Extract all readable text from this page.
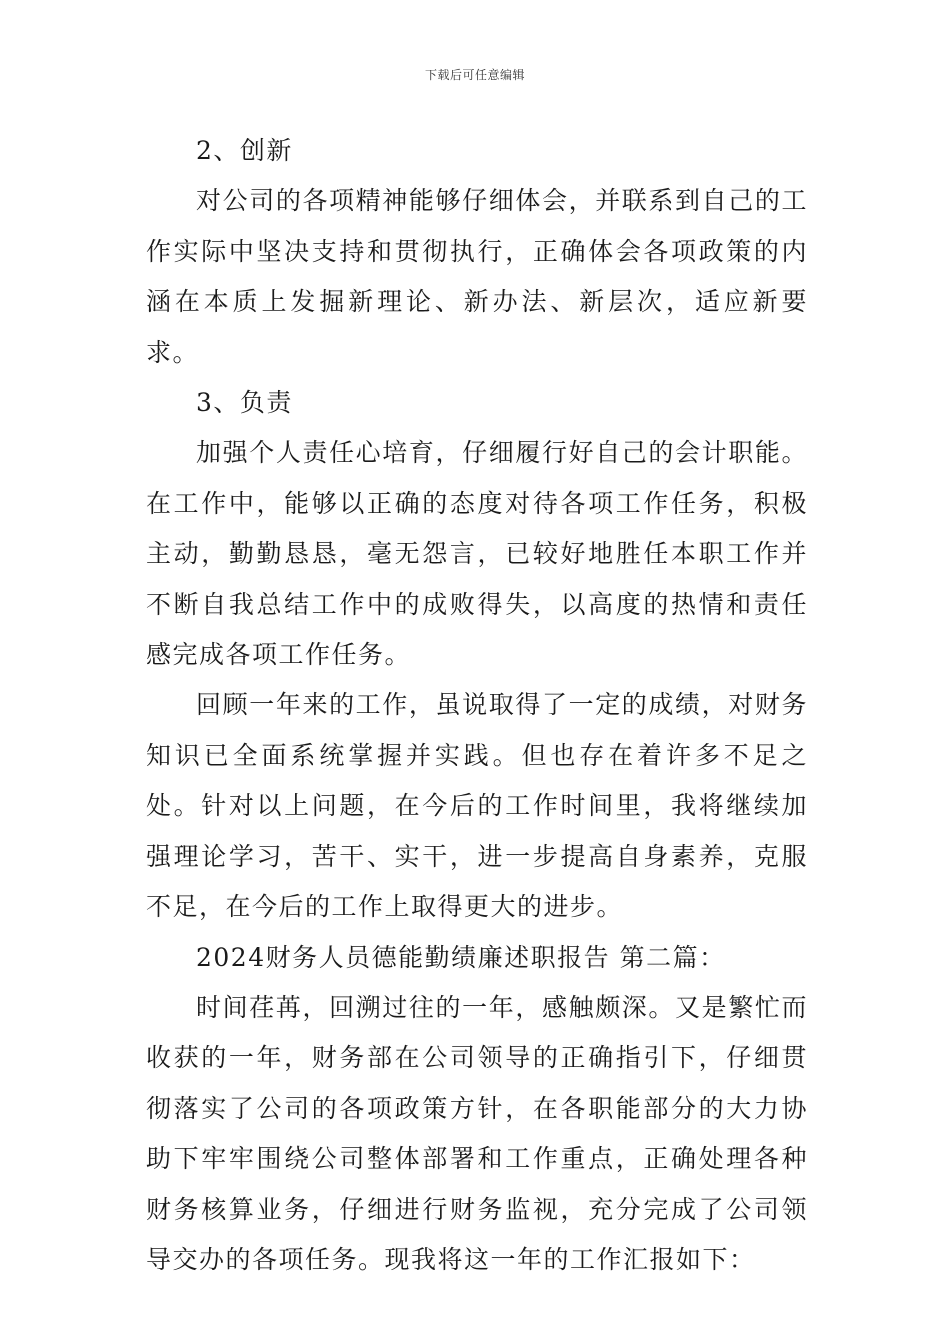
下载后可任意编辑

2、创新

对公司的各项精神能够仔细体会，并联系到自己的工作实际中坚决支持和贯彻执行，正确体会各项政策的内涵在本质上发掘新理论、新办法、新层次，适应新要求。

3、负责

加强个人责任心培育，仔细履行好自己的会计职能。在工作中，能够以正确的态度对待各项工作任务，积极主动，勤勤恳恳，毫无怨言，已较好地胜任本职工作并不断自我总结工作中的成败得失，以高度的热情和责任感完成各项工作任务。

回顾一年来的工作，虽说取得了一定的成绩，对财务知识已全面系统掌握并实践。但也存在着许多不足之处。针对以上问题，在今后的工作时间里，我将继续加强理论学习，苦干、实干，进一步提高自身素养，克服不足，在今后的工作上取得更大的进步。

2024财务人员德能勤绩廉述职报告 第二篇：

时间荏苒，回溯过往的一年，感触颇深。又是繁忙而收获的一年，财务部在公司领导的正确指引下，仔细贯彻落实了公司的各项政策方针，在各职能部分的大力协助下牢牢围绕公司整体部署和工作重点，正确处理各种财务核算业务，仔细进行财务监视，充分完成了公司领导交办的各项任务。现我将这一年的工作汇报如下：
